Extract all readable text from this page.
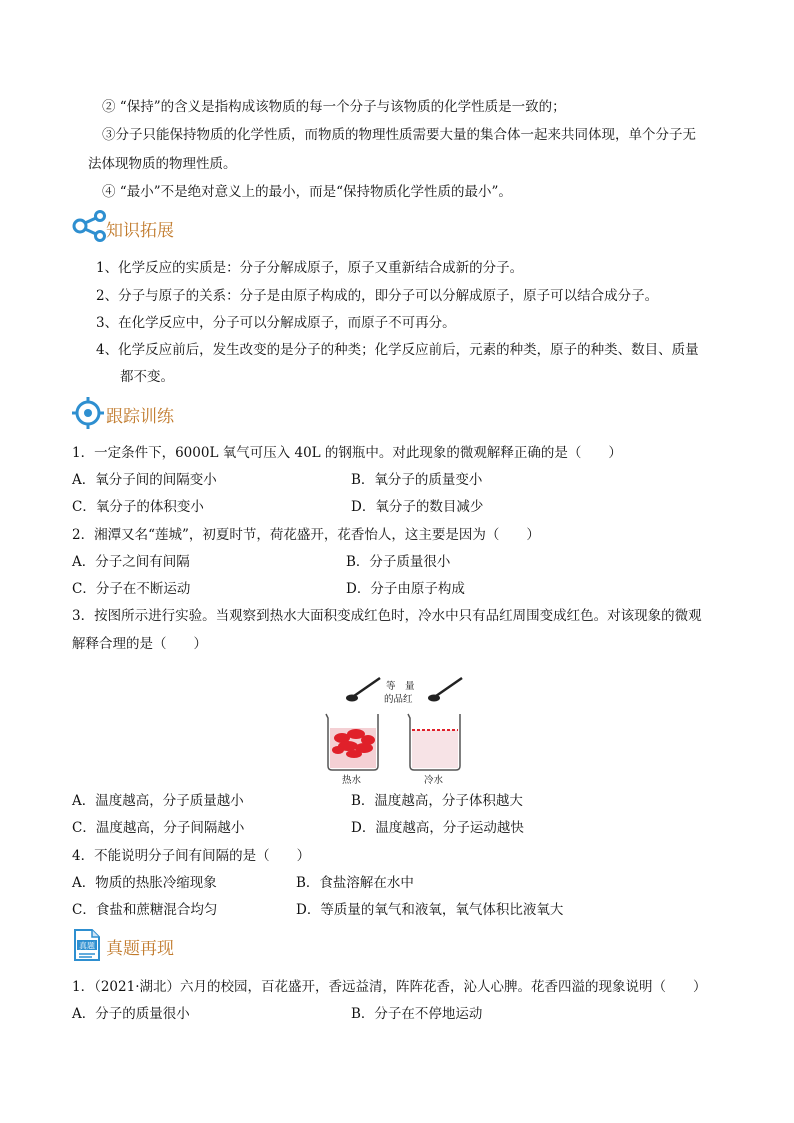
② “保持”的含义是指构成该物质的每一个分子与该物质的化学性质是一致的；
③分子只能保持物质的化学性质，而物质的物理性质需要大量的集合体一起来共同体现，单个分子无
法体现物质的物理性质。
④ “最小”不是绝对意义上的最小，而是“保持物质化学性质的最小”。
知识拓展
1、化学反应的实质是：分子分解成原子，原子又重新结合成新的分子。
2、分子与原子的关系：分子是由原子构成的，即分子可以分解成原子，原子可以结合成分子。
3、在化学反应中，分子可以分解成原子，而原子不可再分。
4、化学反应前后，发生改变的是分子的种类；化学反应前后，元素的种类，原子的种类、数目、质量
都不变。
跟踪训练
1．一定条件下，6000L 氧气可压入 40L 的钢瓶中。对此现象的微观解释正确的是（　　）
A．氧分子间的间隔变小	B．氧分子的质量变小
C．氧分子的体积变小	D．氧分子的数目减少
2．湘潭又名“莲城”，初夏时节，荷花盛开，花香怡人，这主要是因为（　　）
A．分子之间有间隔	B．分子质量很小
C．分子在不断运动	D．分子由原子构成
3．按图所示进行实验。当观察到热水大面积变成红色时，冷水中只有品红周围变成红色。对该现象的微观
解释合理的是（　　）
等　量
的品红
热水	冷水
A．温度越高，分子质量越小	B．温度越高，分子体积越大
C．温度越高，分子间隔越小	D．温度越高，分子运动越快
4．不能说明分子间有间隔的是（　　）
A．物质的热胀冷缩现象	B．食盐溶解在水中
C．食盐和蔗糖混合均匀	D．等质量的氧气和液氧，氧气体积比液氧大
真题 真题再现
1．（2021·湖北）六月的校园，百花盛开，香远益清，阵阵花香，沁人心脾。花香四溢的现象说明（　　）
A．分子的质量很小	B．分子在不停地运动
